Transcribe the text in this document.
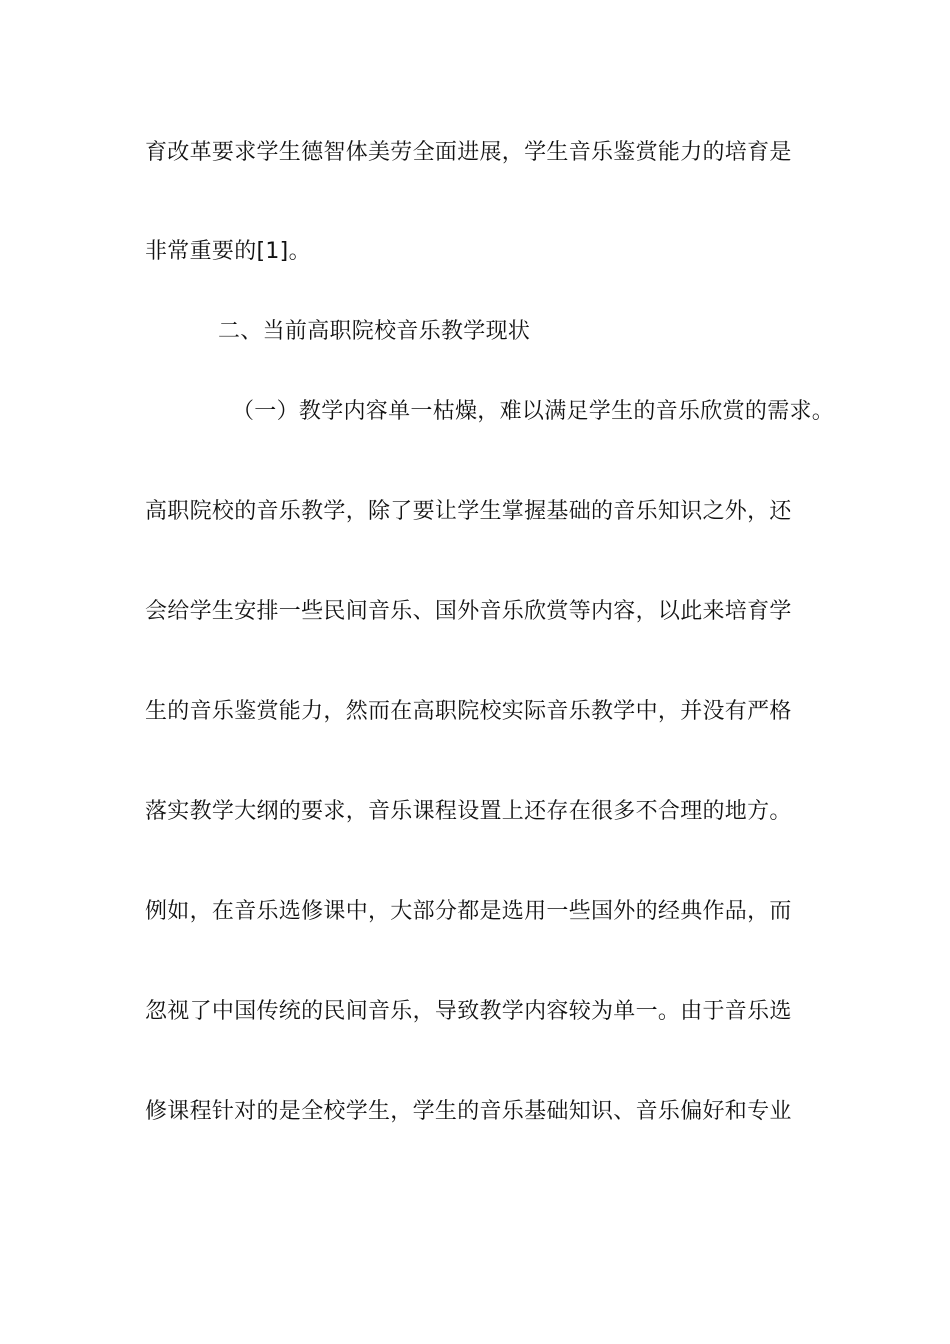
育改革要求学生德智体美劳全面进展，学生音乐鉴赏能力的培育是
非常重要的[1]。
二、当前高职院校音乐教学现状
（一）教学内容单一枯燥，难以满足学生的音乐欣赏的需求。
高职院校的音乐教学，除了要让学生掌握基础的音乐知识之外，还
会给学生安排一些民间音乐、国外音乐欣赏等内容，以此来培育学
生的音乐鉴赏能力，然而在高职院校实际音乐教学中，并没有严格
落实教学大纲的要求，音乐课程设置上还存在很多不合理的地方。
例如，在音乐选修课中，大部分都是选用一些国外的经典作品，而
忽视了中国传统的民间音乐，导致教学内容较为单一。由于音乐选
修课程针对的是全校学生，学生的音乐基础知识、音乐偏好和专业
